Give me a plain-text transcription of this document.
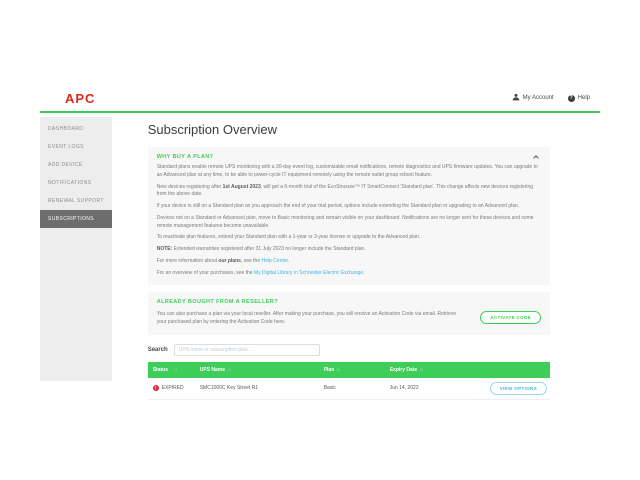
APC	My Account	? Help
DASHBOARD
EVENT LOGS
ADD DEVICE
NOTIFICATIONS
RENEWAL SUPPORT
SUBSCRIPTIONS
Subscription Overview
WHY BUY A PLAN?

Standard plans enable remote UPS monitoring with a 30-day event log, customizable email notifications, remote diagnostics and UPS firmware updates. You can upgrade to an Advanced plan at any time, to be able to power-cycle IT equipment remotely using the remote outlet group reboot feature.

New devices registering after 1st August 2023, will get a 6-month trial of the EcoStruxure™ IT SmartConnect 'Standard plan'. This change affects new devices registering from the above date.

If your device is still on a Standard plan as you approach the end of your trial period, options include extending the Standard plan or upgrading to an Advanced plan.

Devices not on a Standard or Advanced plan, move to Basic monitoring and remain visible on your dashboard. Notifications are no longer sent for these devices and some remote management features become unavailable.

To reactivate plan features, extend your Standard plan with a 1-year or 3-year license or upgrade to the Advanced plan.

NOTE: Extended warranties registered after 31 July 2023 no longer include the Standard plan.

For more information about our plans, see the Help Center.

For an overview of your purchases, see the My Digital Library in Schneider Electric Exchange.

ALREADY BOUGHT FROM A RESELLER?

You can also purchase a plan via your local reseller. After making your purchase, you will receive an Activation Code via email. Retrieve your purchased plan by entering the Activation Code here.

ACTIVATE CODE
Search
UPS name or subscription plan ...
Status ↑↓	UPS Name ↑↓	Plan ↑↓	Expiry Date ↑↓
!	EXPIRED	SMC1000C Key Street R1	Basic	Jun 14, 2022	VIEW OPTIONS
